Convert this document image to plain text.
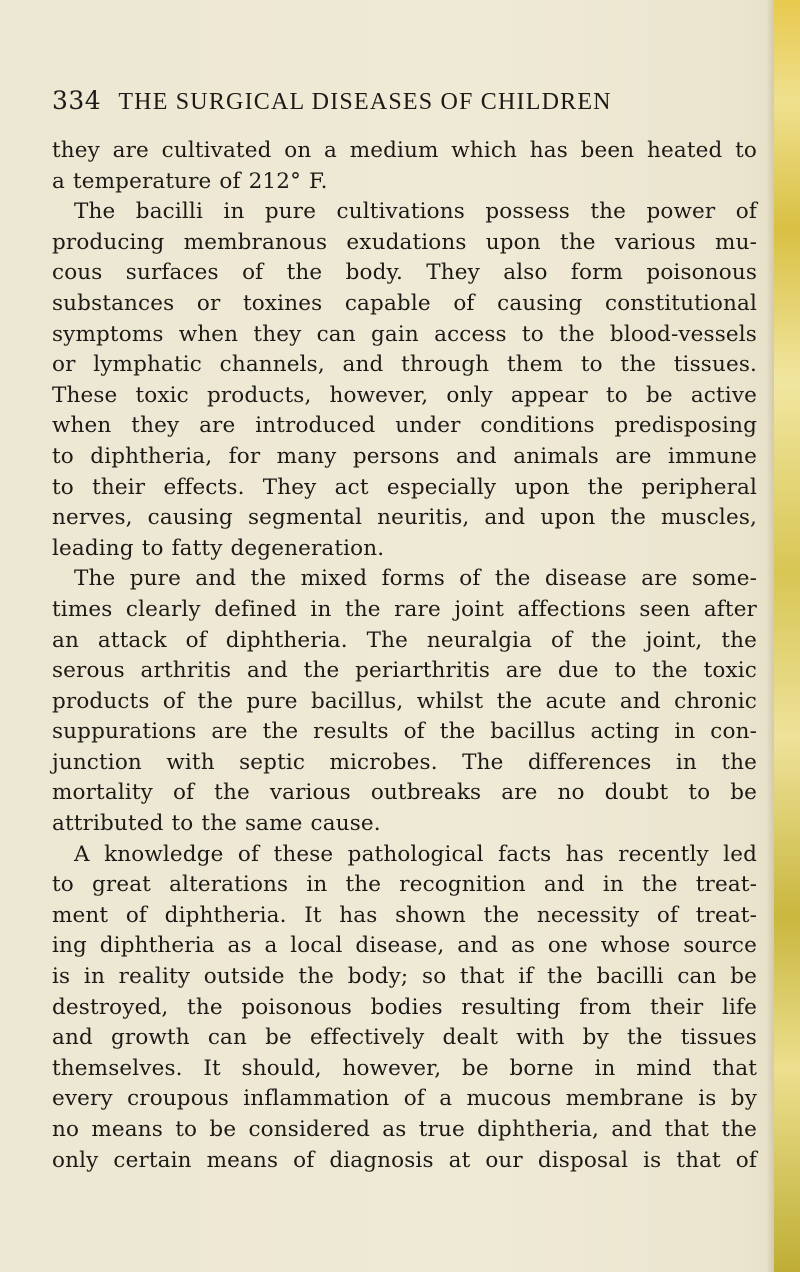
334 THE SURGICAL DISEASES OF CHILDREN
they are cultivated on a medium which has been heated to
a temperature of 212° F.
The bacilli in pure cultivations possess the power of
producing membranous exudations upon the various mu-
cous surfaces of the body. They also form poisonous
substances or toxines capable of causing constitutional
symptoms when they can gain access to the blood-vessels
or lymphatic channels, and through them to the tissues.
These toxic products, however, only appear to be active
when they are introduced under conditions predisposing
to diphtheria, for many persons and animals are immune
to their effects. They act especially upon the peripheral
nerves, causing segmental neuritis, and upon the muscles,
leading to fatty degeneration.
The pure and the mixed forms of the disease are some-
times clearly defined in the rare joint affections seen after
an attack of diphtheria. The neuralgia of the joint, the
serous arthritis and the periarthritis are due to the toxic
products of the pure bacillus, whilst the acute and chronic
suppurations are the results of the bacillus acting in con-
junction with septic microbes. The differences in the
mortality of the various outbreaks are no doubt to be
attributed to the same cause.
A knowledge of these pathological facts has recently led
to great alterations in the recognition and in the treat-
ment of diphtheria. It has shown the necessity of treat-
ing diphtheria as a local disease, and as one whose source
is in reality outside the body; so that if the bacilli can be
destroyed, the poisonous bodies resulting from their life
and growth can be effectively dealt with by the tissues
themselves. It should, however, be borne in mind that
every croupous inflammation of a mucous membrane is by
no means to be considered as true diphtheria, and that the
only certain means of diagnosis at our disposal is that of
